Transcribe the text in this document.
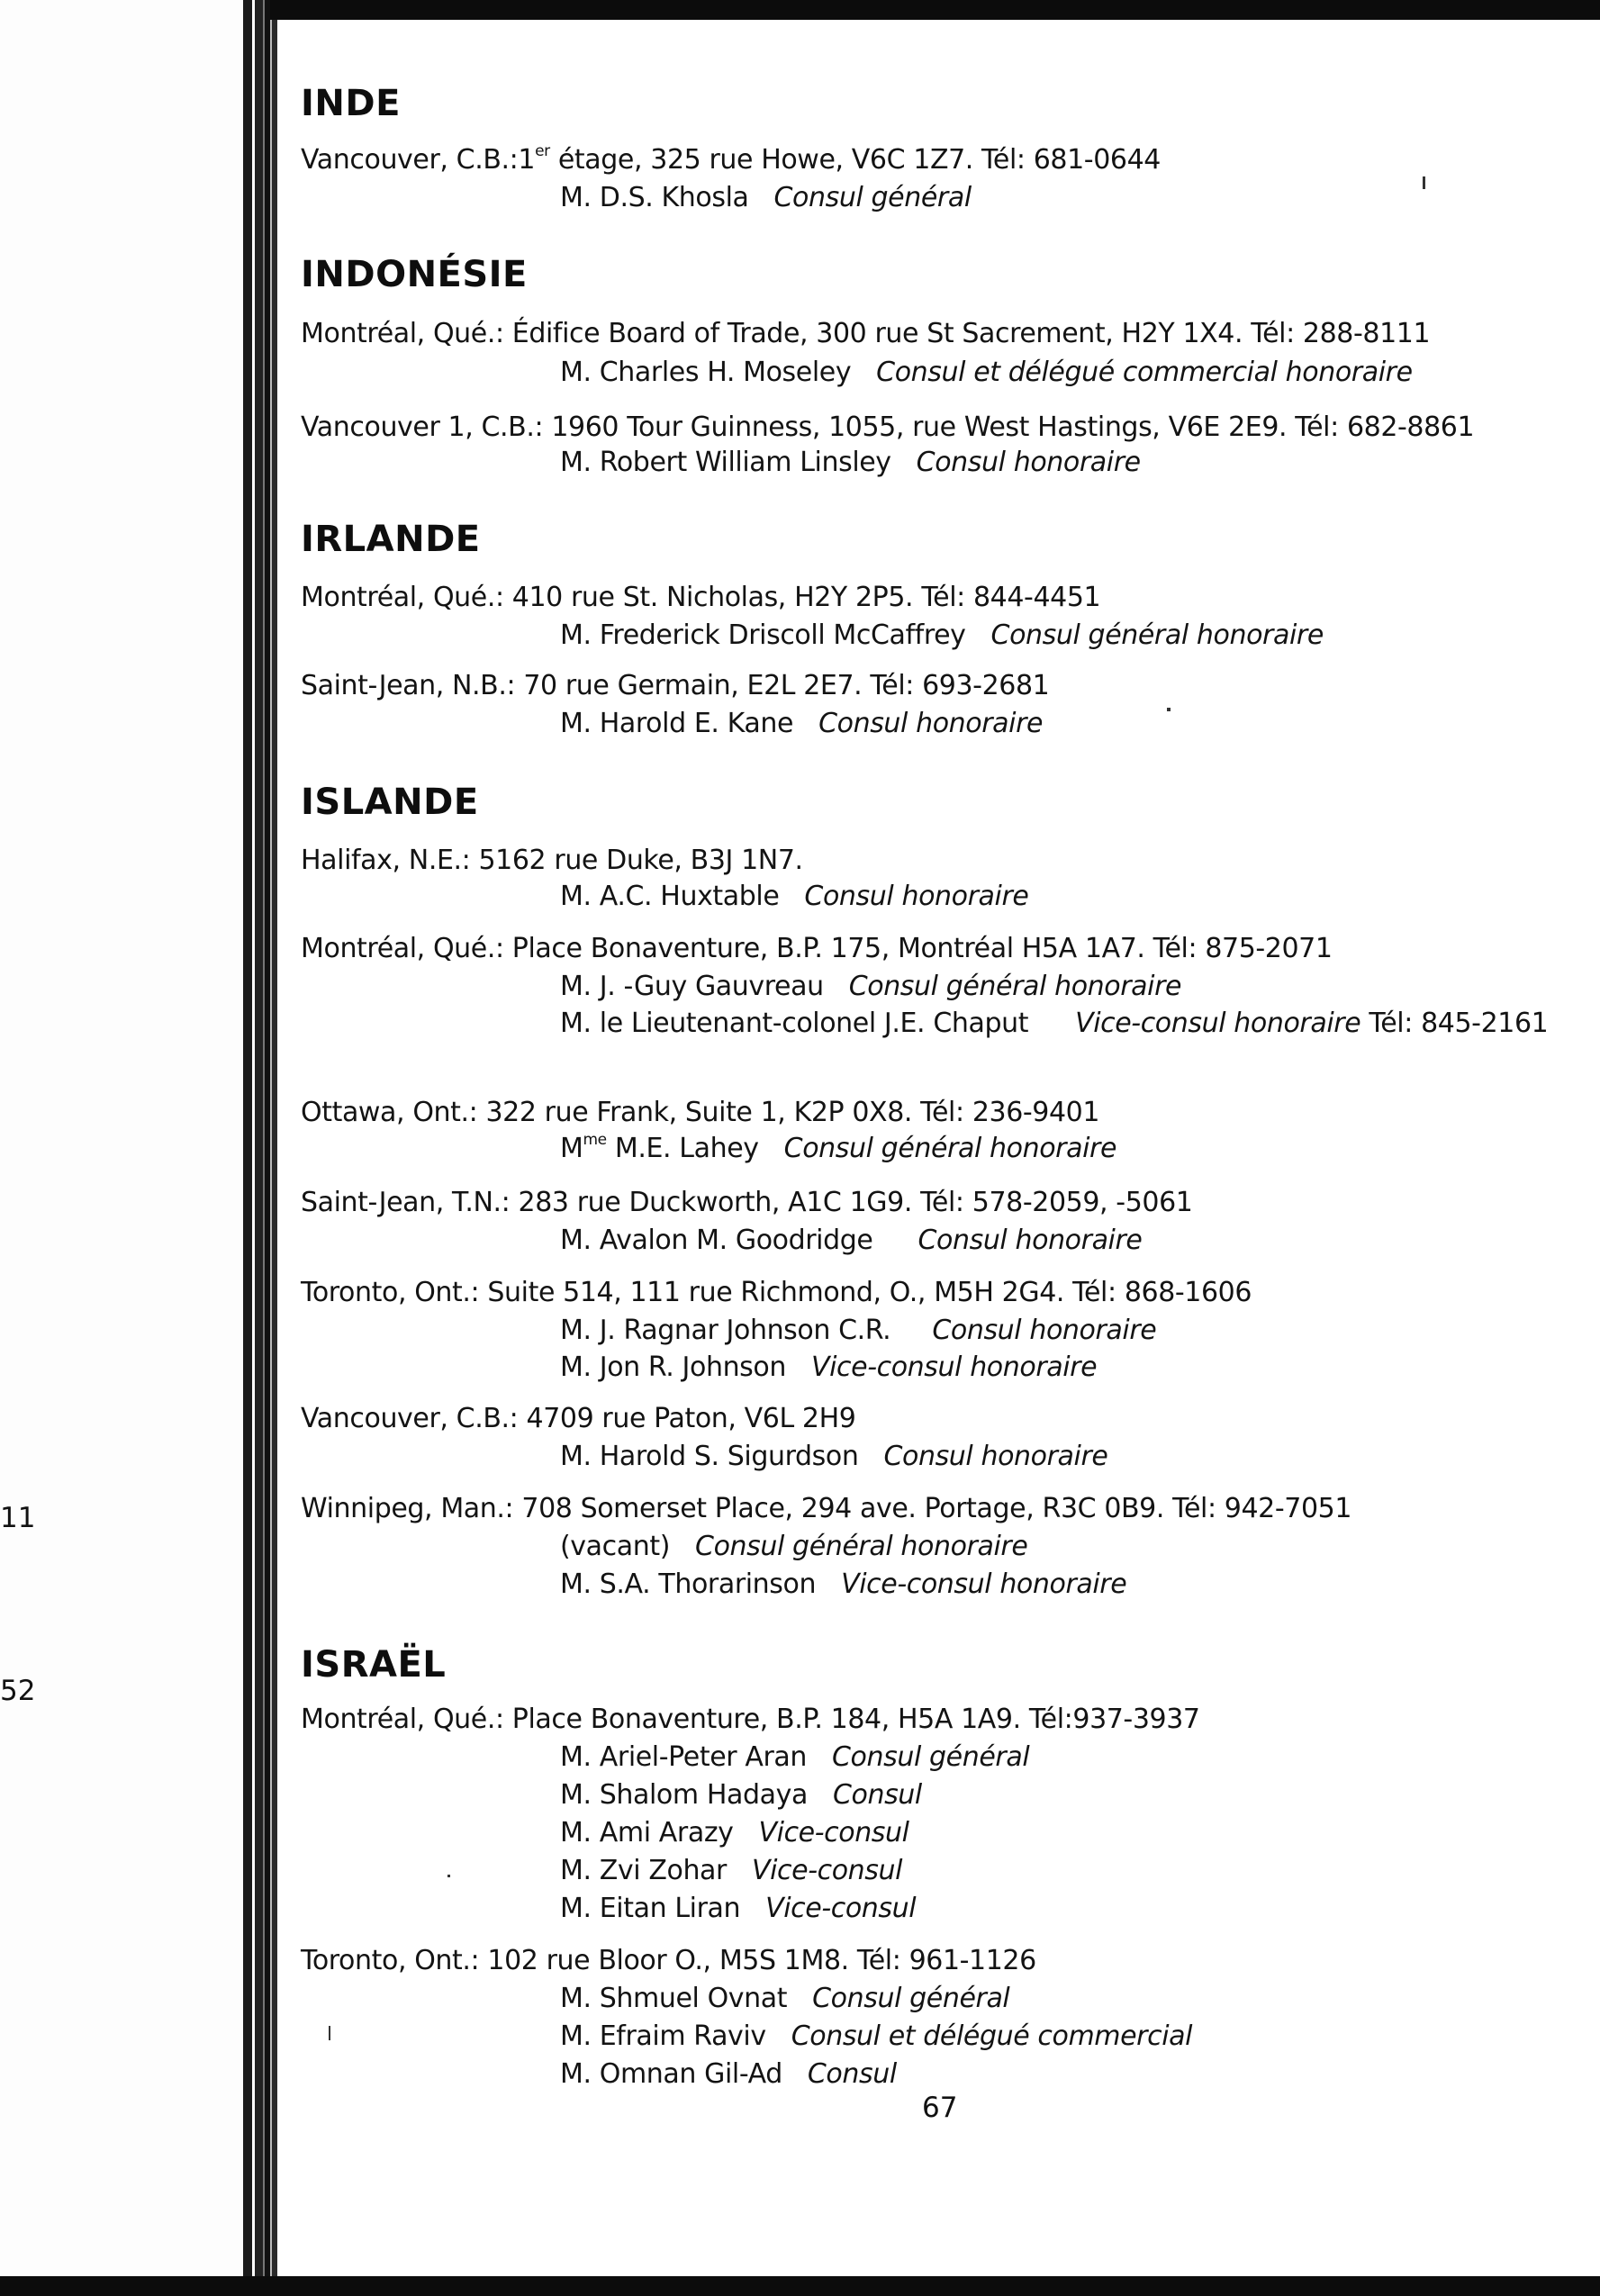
11
52
INDE
Vancouver, C.B.:1er étage, 325 rue Howe, V6C 1Z7. Tél: 681-0644
M. D.S. Khosla Consul général
INDONÉSIE
Montréal, Qué.: Édifice Board of Trade, 300 rue St Sacrement, H2Y 1X4. Tél: 288-8111
M. Charles H. Moseley Consul et délégué commercial honoraire
Vancouver 1, C.B.: 1960 Tour Guinness, 1055, rue West Hastings, V6E 2E9. Tél: 682-8861
M. Robert William Linsley Consul honoraire
IRLANDE
Montréal, Qué.: 410 rue St. Nicholas, H2Y 2P5. Tél: 844-4451
M. Frederick Driscoll McCaffrey Consul général honoraire
Saint-Jean, N.B.: 70 rue Germain, E2L 2E7. Tél: 693-2681
M. Harold E. Kane Consul honoraire
ISLANDE
Halifax, N.E.: 5162 rue Duke, B3J 1N7.
M. A.C. Huxtable Consul honoraire
Montréal, Qué.: Place Bonaventure, B.P. 175, Montréal H5A 1A7. Tél: 875-2071
M. J. -Guy Gauvreau Consul général honoraire
M. le Lieutenant-colonel J.E. Chaput Vice-consul honoraire Tél: 845-2161
Ottawa, Ont.: 322 rue Frank, Suite 1, K2P 0X8. Tél: 236-9401
$M^{me}$ M.E. Lahey Consul général honoraire
Saint-Jean, T.N.: 283 rue Duckworth, A1C 1G9. Tél: 578-2059, -5061
M. Avalon M. Goodridge Consul honoraire
Toronto, Ont.: Suite 514, 111 rue Richmond, O., M5H 2G4. Tél: 868-1606
M. J. Ragnar Johnson C.R. Consul honoraire
M. Jon R. Johnson Vice-consul honoraire
Vancouver, C.B.: 4709 rue Paton, V6L 2H9
M. Harold S. Sigurdson Consul honoraire
Winnipeg, Man.: 708 Somerset Place, 294 ave. Portage, R3C 0B9. Tél: 942-7051
(vacant) Consul général honoraire
M. S.A. Thorarinson Vice-consul honoraire
ISRAËL
Montréal, Qué.: Place Bonaventure, B.P. 184, H5A 1A9. Tél:937-3937
M. Ariel-Peter Aran Consul général
M. Shalom Hadaya Consul
M. Ami Arazy Vice-consul
M. Zvi Zohar Vice-consul
M. Eitan Liran Vice-consul
Toronto, Ont.: 102 rue Bloor O., M5S 1M8. Tél: 961-1126
M. Shmuel Ovnat Consul général
M. Efraim Raviv Consul et délégué commercial
M. Omnan Gil-Ad Consul
67
